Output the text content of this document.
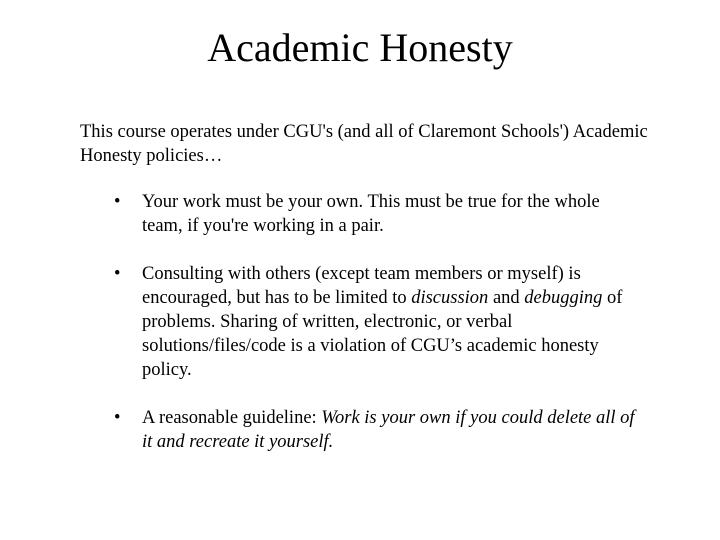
Academic Honesty

This course operates under CGU's (and all of Claremont Schools') Academic Honesty policies…

•	Your work must be your own. This must be true for the whole team, if you're working in a pair.
•	Consulting with others (except team members or myself) is encouraged, but has to be limited to discussion and debugging of problems. Sharing of written, electronic, or verbal solutions/files/code is a violation of CGU’s academic honesty policy.
•	A reasonable guideline: Work is your own if you could delete all of it and recreate it yourself.
